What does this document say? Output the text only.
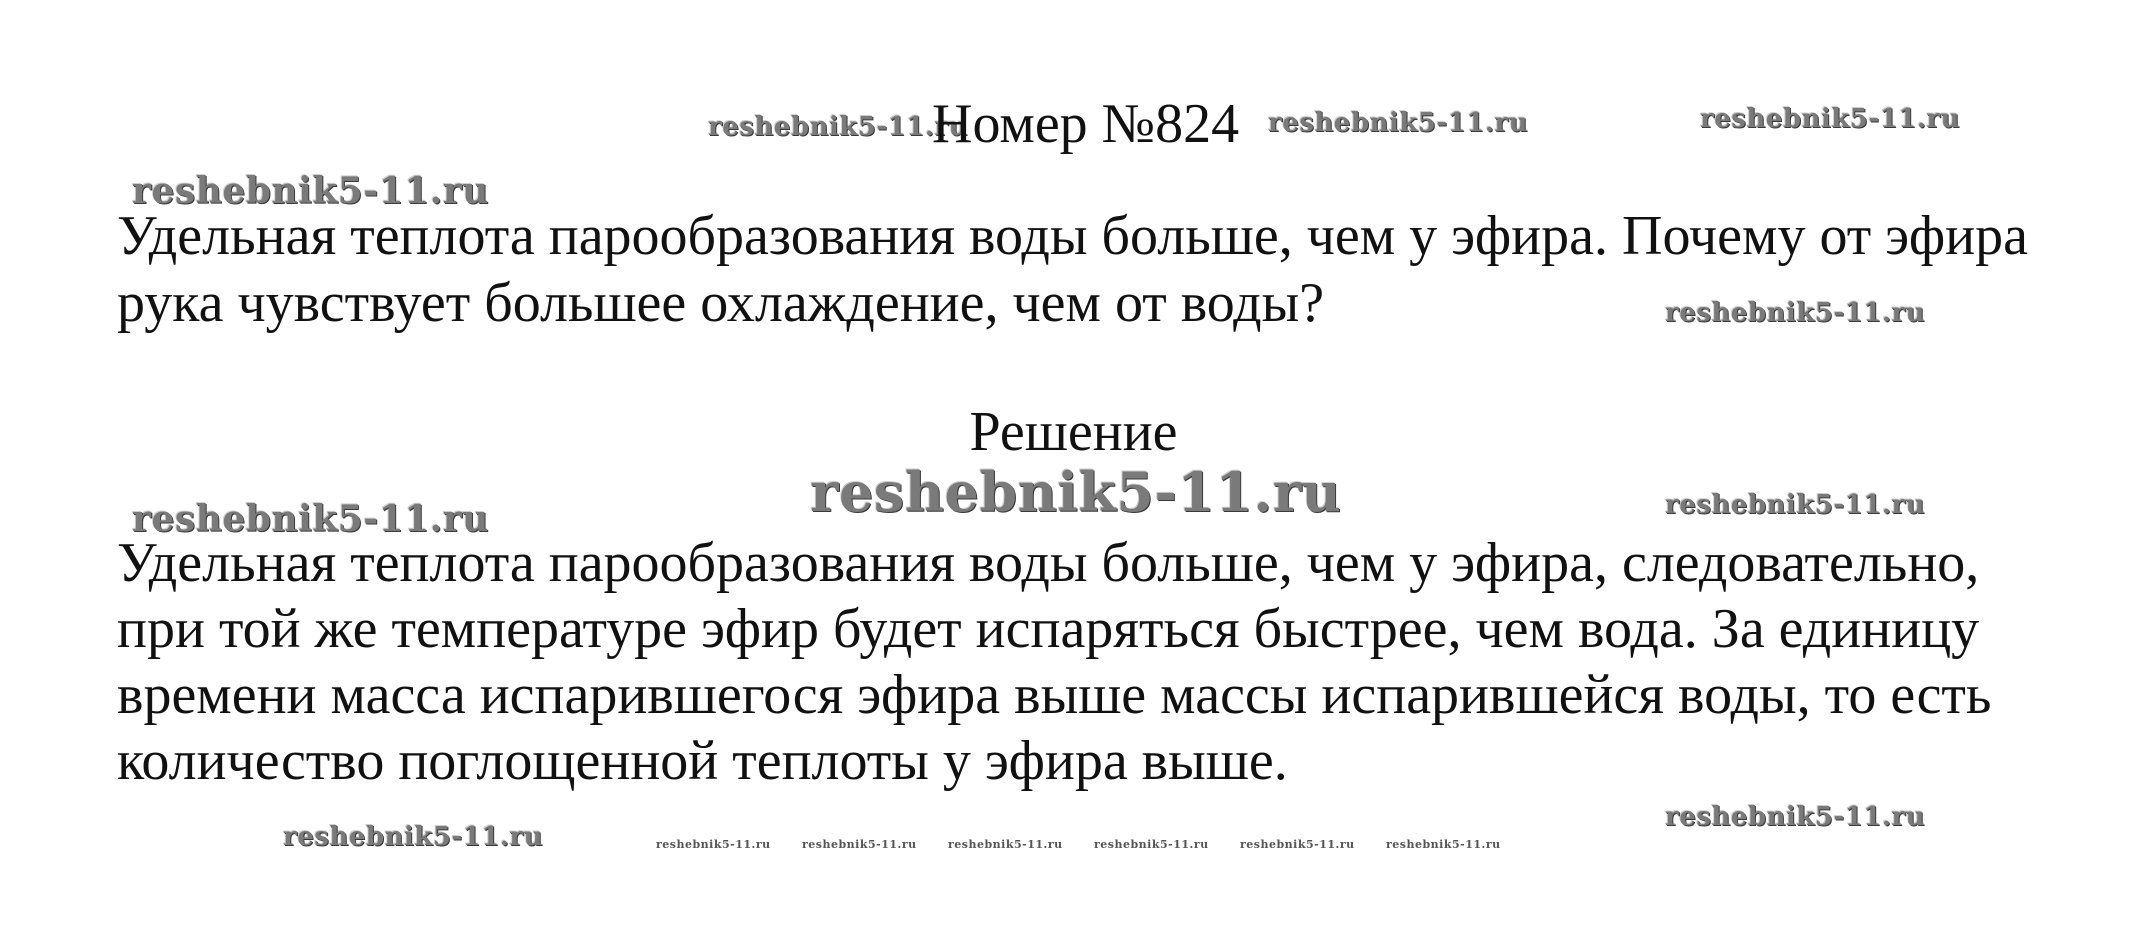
reshebnik5-11.ru	reshebnik5-11.ru	reshebnik5-11.ru
reshebnik5-11.ru
reshebnik5-11.ru
reshebnik5-11.ru
reshebnik5-11.ru	reshebnik5-11.ru
reshebnik5-11.ru
reshebnik5-11.ru	reshebnik5-11.ru	reshebnik5-11.ru	reshebnik5-11.ru	reshebnik5-11.ru	reshebnik5-11.ru	reshebnik5-11.ru
Номер №824
Удельная теплота парообразования воды больше, чем у эфира. Почему от эфира рука чувствует большее охлаждение, чем от воды?
Решение
Удельная теплота парообразования воды больше, чем у эфира, следовательно, при той же температуре эфир будет испаряться быстрее, чем вода. За единицу времени масса испарившегося эфира выше массы испарившейся воды, то есть количество поглощенной теплоты у эфира выше.
